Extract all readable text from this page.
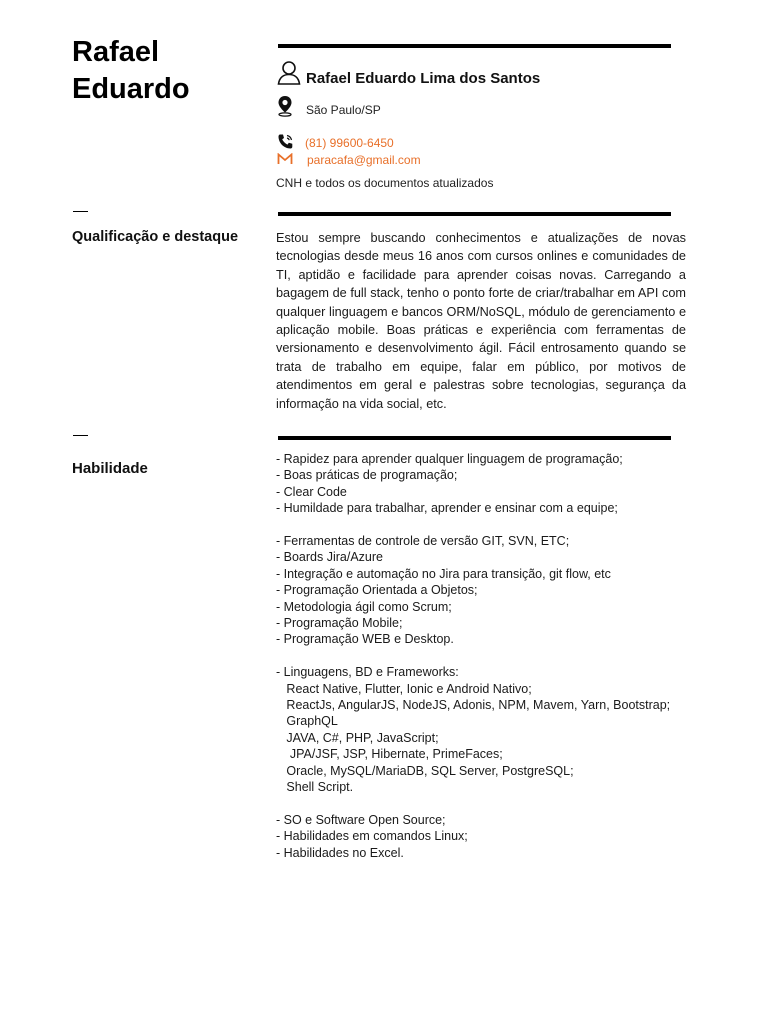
Rafael
Eduardo	Rafael Eduardo Lima dos Santos
São Paulo/SP
(81) 99600-6450
paracafa@gmail.com
CNH e todos os documentos atualizados
Qualificação e destaque	Estou sempre buscando conhecimentos e atualizações de novas tecnologias desde meus 16 anos com cursos onlines e comunidades de TI, aptidão e facilidade para aprender coisas novas. Carregando a bagagem de full stack, tenho o ponto forte de criar/trabalhar em API com qualquer linguagem e bancos ORM/NoSQL, módulo de gerenciamento e aplicação mobile. Boas práticas e experiência com ferramentas de versionamento e desenvolvimento ágil. Fácil entrosamento quando se trata de trabalho em equipe, falar em público, por motivos de atendimentos em geral e palestras sobre tecnologias, segurança da informação na vida social, etc.

Habilidade
- Rapidez para aprender qualquer linguagem de programação;
- Boas práticas de programação;
- Clear Code
- Humildade para trabalhar, aprender e ensinar com a equipe;
- Ferramentas de controle de versão GIT, SVN, ETC;
- Boards Jira/Azure
- Integração e automação no Jira para transição, git flow, etc
- Programação Orientada a Objetos;
- Metodologia ágil como Scrum;
- Programação Mobile;
- Programação WEB e Desktop.
- Linguagens, BD e Frameworks:
React Native, Flutter, Ionic e Android Nativo;
ReactJs, AngularJS, NodeJS, Adonis, NPM, Mavem, Yarn, Bootstrap;
GraphQL
JAVA, C#, PHP, JavaScript;
JPA/JSF, JSP, Hibernate, PrimeFaces;
Oracle, MySQL/MariaDB, SQL Server, PostgreSQL;
Shell Script.
- SO e Software Open Source;
- Habilidades em comandos Linux;
- Habilidades no Excel.
